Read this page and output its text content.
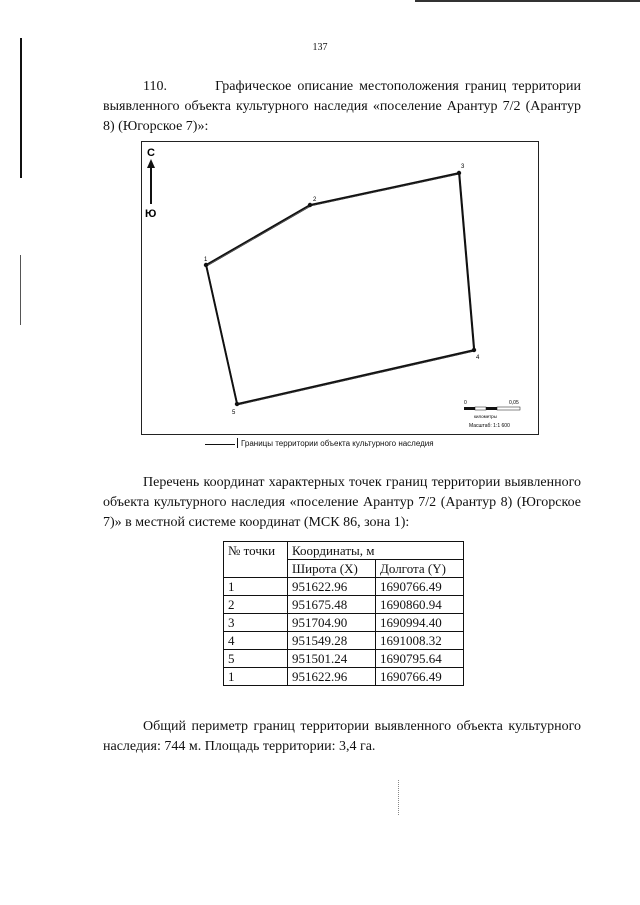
137
110.        Графическое описание местоположения границ территории выявленного объекта культурного наследия «поселение Арантур 7/2 (Арантур 8) (Югорское 7)»:
С
Ю
1
2
3
4
5
0	0,05
километры
Масштаб: 1:1 600
Границы территории объекта культурного наследия
Перечень координат характерных точек границ территории выявленного объекта культурного наследия «поселение Арантур 7/2 (Арантур 8) (Югорское 7)» в местной системе координат (МСК 86, зона 1):
№ точки	Координаты, м	
	Широта (X)	Долгота (Y)
1	951622.96	1690766.49
2	951675.48	1690860.94
3	951704.90	1690994.40
4	951549.28	1691008.32
5	951501.24	1690795.64
1	951622.96	1690766.49
Общий периметр границ территории выявленного объекта культурного наследия: 744 м. Площадь территории: 3,4 га.
